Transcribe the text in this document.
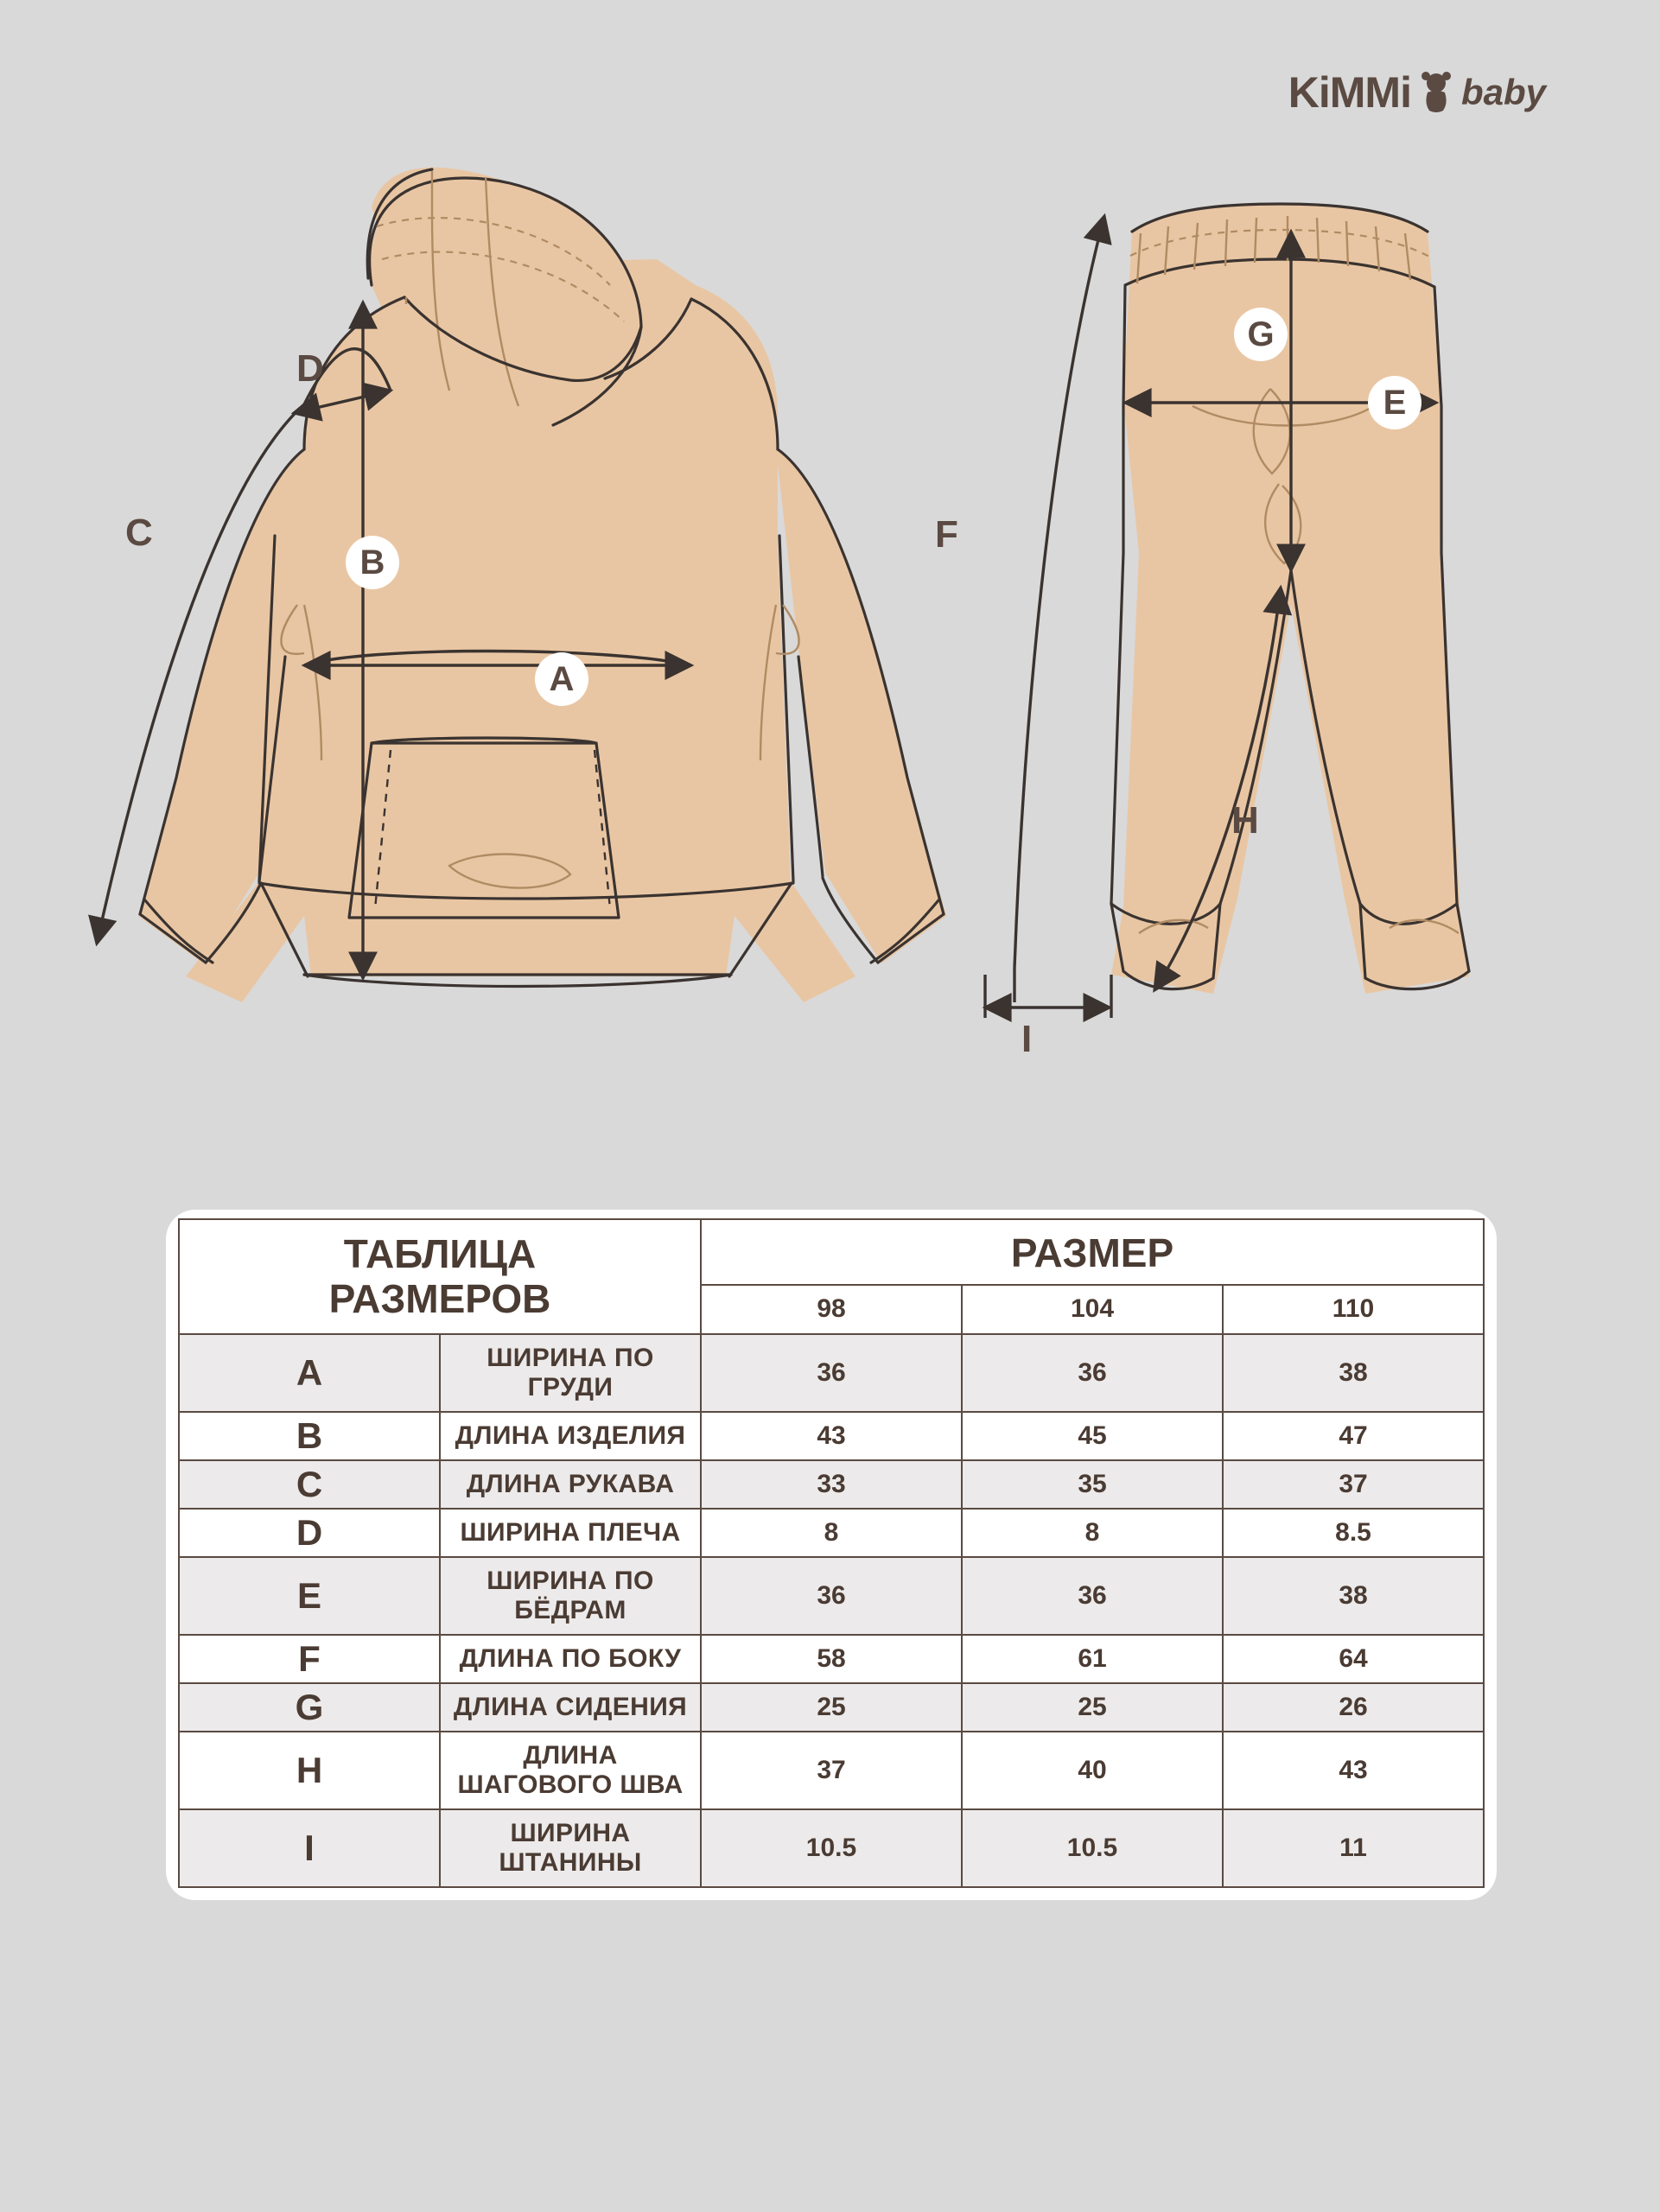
KiMMi baby
A
B
C
D
E
F
G
H
I
ТАБЛИЦА
РАЗМЕРОВ		РАЗМЕР		
		98	104	110
A	ШИРИНА ПО ГРУДИ	36	36	38
B	ДЛИНА ИЗДЕЛИЯ	43	45	47
C	ДЛИНА РУКАВА	33	35	37
D	ШИРИНА ПЛЕЧА	8	8	8.5
E	ШИРИНА ПО БЁДРАМ	36	36	38
F	ДЛИНА ПО БОКУ	58	61	64
G	ДЛИНА СИДЕНИЯ	25	25	26
H	ДЛИНА ШАГОВОГО ШВА	37	40	43
I	ШИРИНА ШТАНИНЫ	10.5	10.5	11
